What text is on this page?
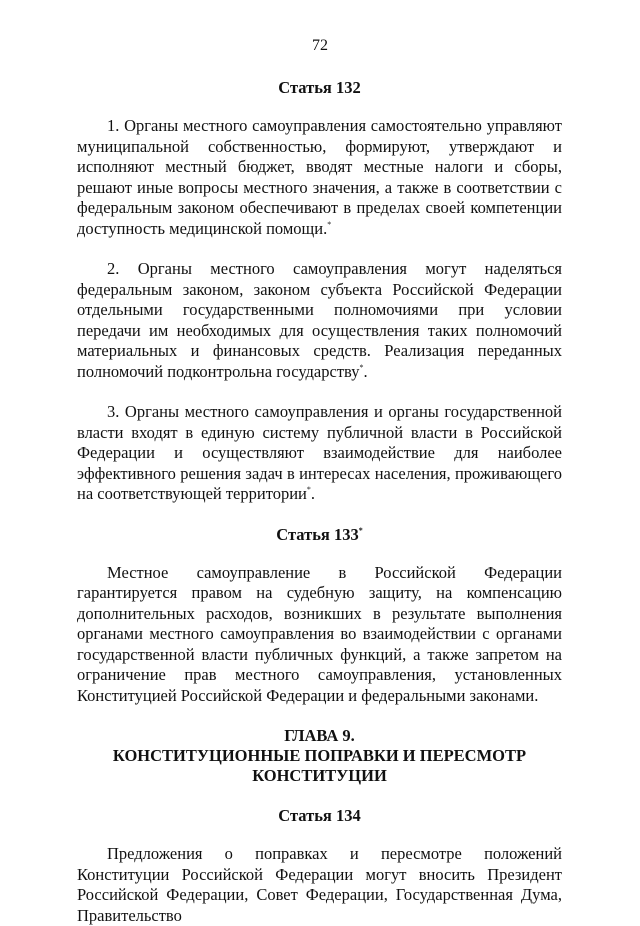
72

Статья 132

1. Органы местного самоуправления самостоятельно управляют муниципальной собственностью, формируют, утверждают и исполняют местный бюджет, вводят местные налоги и сборы, решают иные вопросы местного значения, а также в соответствии с федеральным законом обеспечивают в пределах своей компетенции доступность медицинской помощи.*

2. Органы местного самоуправления могут наделяться федеральным законом, законом субъекта Российской Федерации отдельными государственными полномочиями при условии передачи им необходимых для осуществления таких полномочий материальных и финансовых средств. Реализация переданных полномочий подконтрольна государству*.

3. Органы местного самоуправления и органы государственной власти входят в единую систему публичной власти в Российской Федерации и осуществляют взаимодействие для наиболее эффективного решения задач в интересах населения, проживающего на соответствующей территории*.

Статья 133*

Местное самоуправление в Российской Федерации гарантируется правом на судебную защиту, на компенсацию дополнительных расходов, возникших в результате выполнения органами местного самоуправления во взаимодействии с органами государственной власти публичных функций, а также запретом на ограничение прав местного самоуправления, установленных Конституцией Российской Федерации и федеральными законами.

ГЛАВА 9.

КОНСТИТУЦИОННЫЕ ПОПРАВКИ И ПЕРЕСМОТР

КОНСТИТУЦИИ

Статья 134

Предложения о поправках и пересмотре положений Конституции Российской Федерации могут вносить Президент Российской Федерации, Совет Федерации, Государственная Дума, Правительство
